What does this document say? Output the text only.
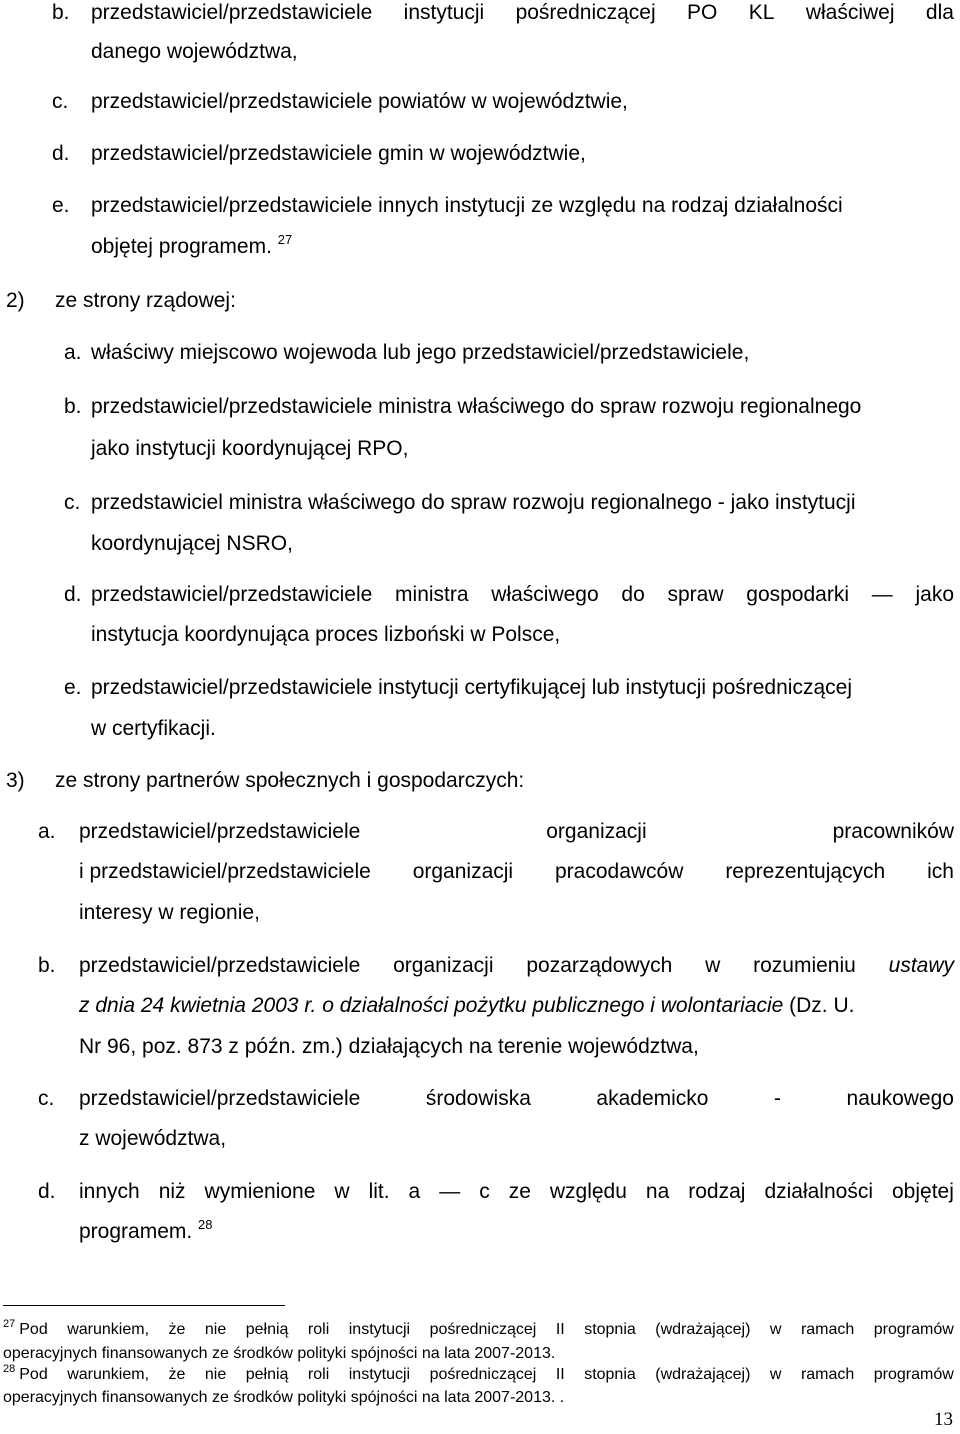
b. przedstawiciel/przedstawiciele instytucji pośredniczącej PO KL właściwej dla
danego województwa,
c. przedstawiciel/przedstawiciele powiatów w województwie,
d. przedstawiciel/przedstawiciele gmin w województwie,
e. przedstawiciel/przedstawiciele innych instytucji ze względu na rodzaj działalności
objętej programem. $^{27}$
2) ze strony rządowej:
a. właściwy miejscowo wojewoda lub jego przedstawiciel/przedstawiciele,
b. przedstawiciel/przedstawiciele ministra właściwego do spraw rozwoju regionalnego
jako instytucji koordynującej RPO,
c. przedstawiciel ministra właściwego do spraw rozwoju regionalnego - jako instytucji
koordynującej NSRO,
d. przedstawiciel/przedstawiciele ministra właściwego do spraw gospodarki — jako
instytucja koordynująca proces lizboński w Polsce,
e. przedstawiciel/przedstawiciele instytucji certyfikującej lub instytucji pośredniczącej
w certyfikacji.
3) ze strony partnerów społecznych i gospodarczych:
a. przedstawiciel/przedstawiciele	organizacji	pracowników
i przedstawiciel/przedstawiciele organizacji pracodawców reprezentujących ich
interesy w regionie,
b. przedstawiciel/przedstawiciele organizacji pozarządowych w rozumieniu ustawy
z dnia 24 kwietnia 2003 r. o działalności pożytku publicznego i wolontariacie (Dz. U.
Nr 96, poz. 873 z późn. zm.) działających na terenie województwa,
c. przedstawiciel/przedstawiciele	środowiska	akademicko	-	naukowego
z województwa,
d. innych niż wymienione w lit. a — c ze względu na rodzaj działalności objętej
programem. $^{28}$
$^{27}$ Pod warunkiem, że nie pełnią roli instytucji pośredniczącej II stopnia (wdrażającej) w ramach programów
operacyjnych finansowanych ze środków polityki spójności na lata 2007-2013.
$^{28}$ Pod warunkiem, że nie pełnią roli instytucji pośredniczącej II stopnia (wdrażającej) w ramach programów
operacyjnych finansowanych ze środków polityki spójności na lata 2007-2013. .
13
